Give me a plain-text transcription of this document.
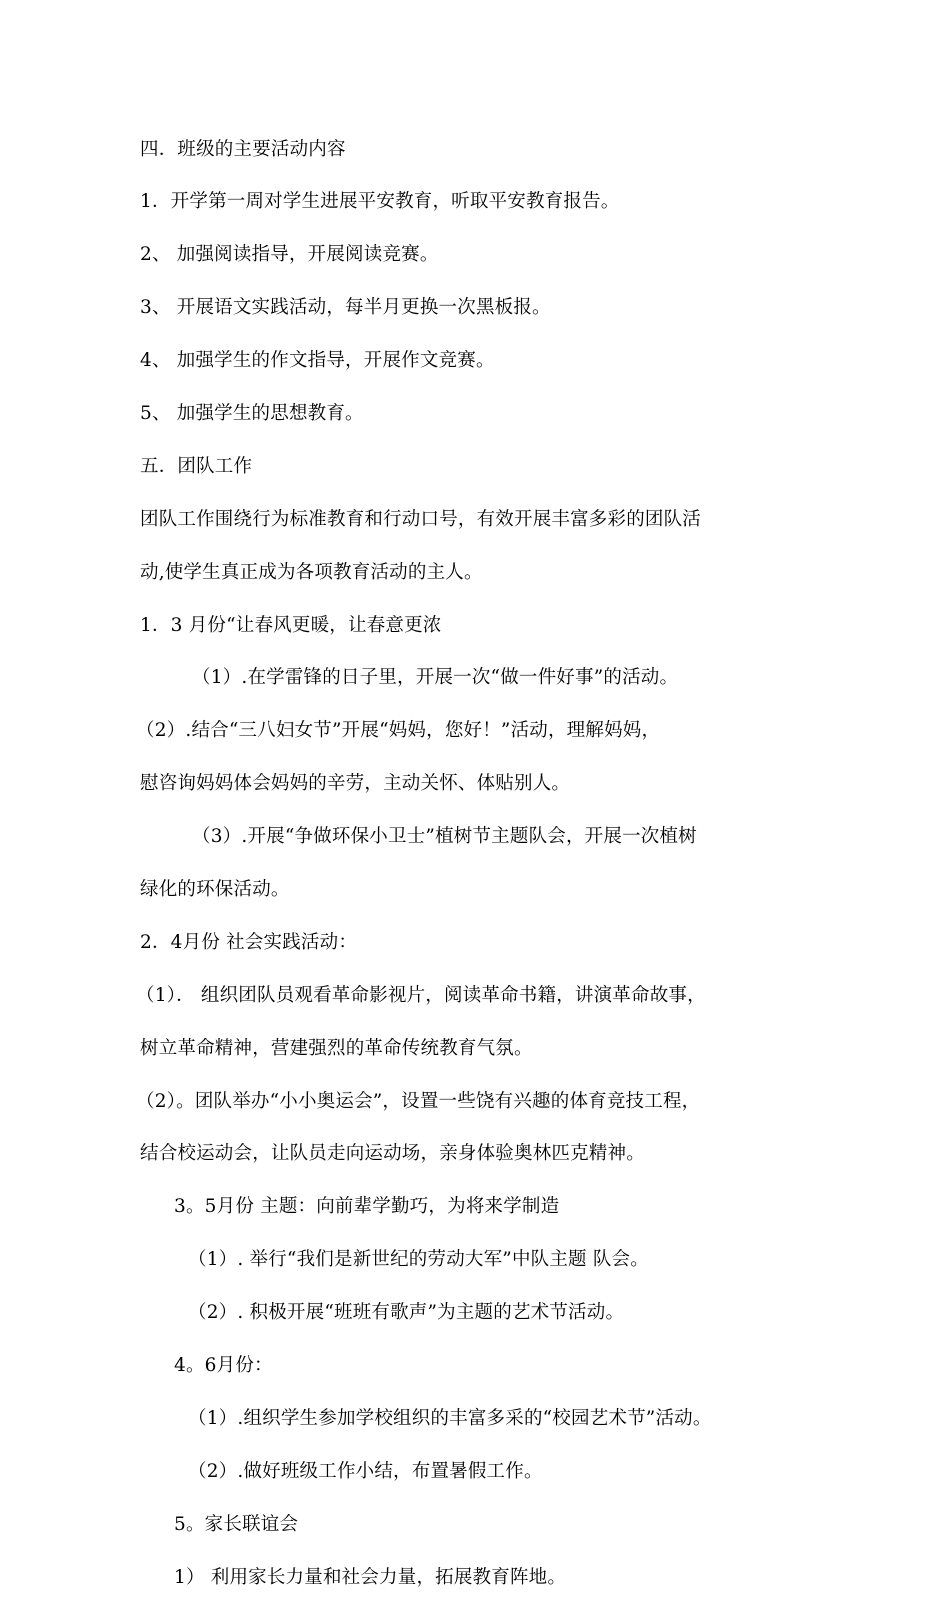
四．班级的主要活动内容

1．开学第一周对学生进展平安教育，听取平安教育报告。

2、 加强阅读指导，开展阅读竞赛。

3、 开展语文实践活动，每半月更换一次黑板报。

4、 加强学生的作文指导，开展作文竞赛。

5、 加强学生的思想教育。

五．团队工作

团队工作围绕行为标准教育和行动口号，有效开展丰富多彩的团队活

动,使学生真正成为各项教育活动的主人。

1．3 月份“让春风更暖，让春意更浓

（1）.在学雷锋的日子里，开展一次“做一件好事”的活动。

（2）.结合“三八妇女节”开展“妈妈，您好！”活动，理解妈妈，

慰咨询妈妈体会妈妈的辛劳，主动关怀、体贴别人。

（3）.开展“争做环保小卫士”植树节主题队会，开展一次植树

绿化的环保活动。

2．4月份 社会实践活动：

（1）． 组织团队员观看革命影视片，阅读革命书籍，讲演革命故事，

树立革命精神，营建强烈的革命传统教育气氛。

（2）。团队举办“小小奥运会”，设置一些饶有兴趣的体育竞技工程，

结合校运动会，让队员走向运动场，亲身体验奥林匹克精神。

3。5月份 主题：向前辈学勤巧，为将来学制造

（1）. 举行“我们是新世纪的劳动大军”中队主题 队会。

（2）. 积极开展“班班有歌声”为主题的艺术节活动。

4。6月份：

（1）.组织学生参加学校组织的丰富多采的“校园艺术节”活动。

（2）.做好班级工作小结，布置暑假工作。

5。家长联谊会

1） 利用家长力量和社会力量，拓展教育阵地。
